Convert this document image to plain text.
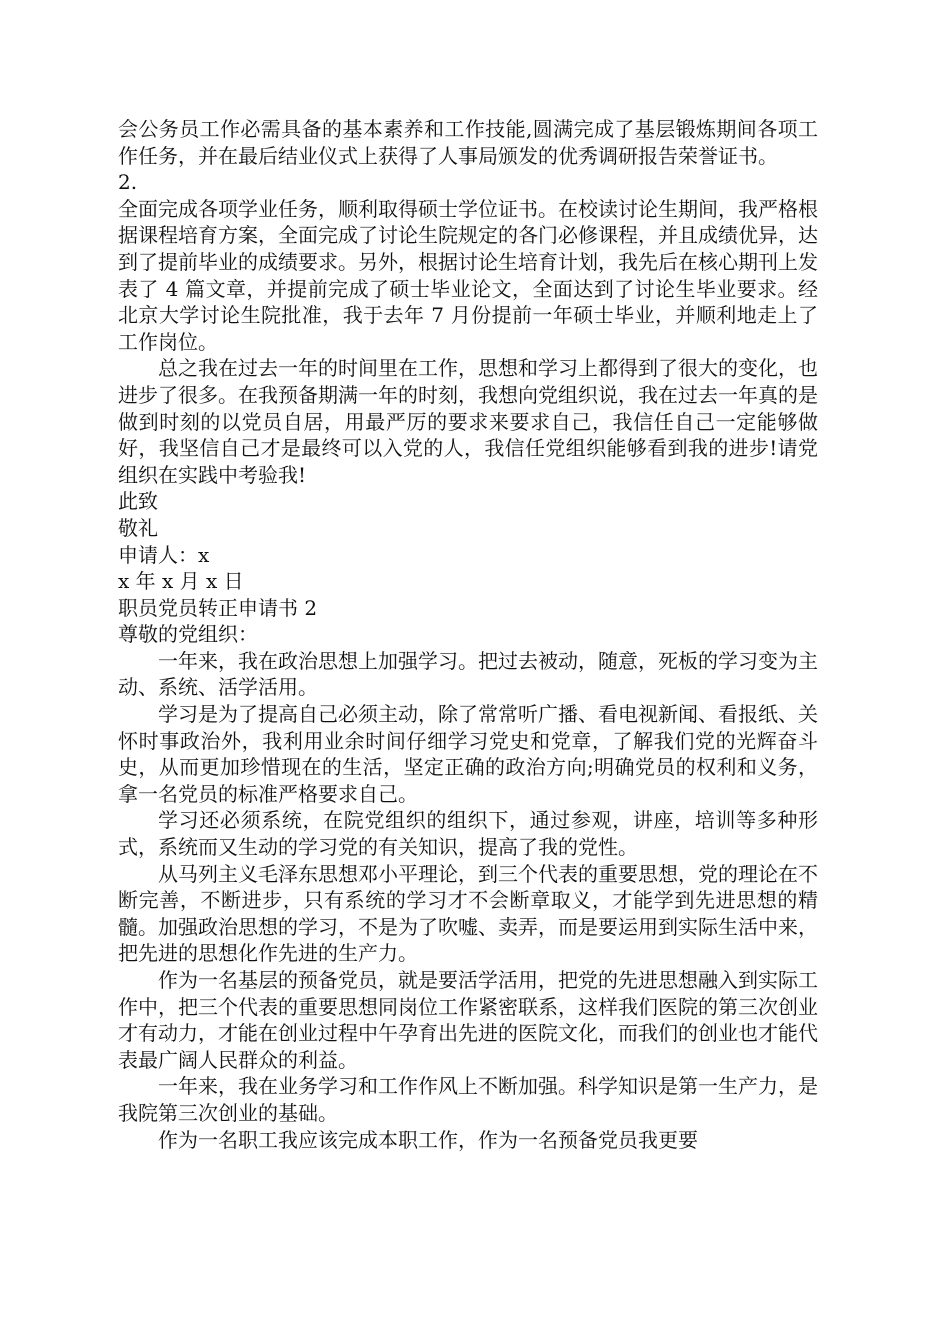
会公务员工作必需具备的基本素养和工作技能,圆满完成了基层锻炼期间各项工作任务，并在最后结业仪式上获得了人事局颁发的优秀调研报告荣誉证书。

2.

全面完成各项学业任务，顺利取得硕士学位证书。在校读讨论生期间，我严格根据课程培育方案，全面完成了讨论生院规定的各门必修课程，并且成绩优异，达到了提前毕业的成绩要求。另外，根据讨论生培育计划，我先后在核心期刊上发表了 4 篇文章，并提前完成了硕士毕业论文，全面达到了讨论生毕业要求。经北京大学讨论生院批准，我于去年 7 月份提前一年硕士毕业，并顺利地走上了工作岗位。

总之我在过去一年的时间里在工作，思想和学习上都得到了很大的变化，也进步了很多。在我预备期满一年的时刻，我想向党组织说，我在过去一年真的是做到时刻的以党员自居，用最严厉的要求来要求自己，我信任自己一定能够做好，我坚信自己才是最终可以入党的人，我信任党组织能够看到我的进步!请党组织在实践中考验我!

此致

敬礼

申请人：x

x 年 x 月 x 日

职员党员转正申请书 2

尊敬的党组织：

一年来，我在政治思想上加强学习。把过去被动，随意，死板的学习变为主动、系统、活学活用。

学习是为了提高自己必须主动，除了常常听广播、看电视新闻、看报纸、关怀时事政治外，我利用业余时间仔细学习党史和党章，了解我们党的光辉奋斗史，从而更加珍惜现在的生活，坚定正确的政治方向;明确党员的权利和义务，拿一名党员的标准严格要求自己。

学习还必须系统，在院党组织的组织下，通过参观，讲座，培训等多种形式，系统而又生动的学习党的有关知识，提高了我的党性。

从马列主义毛泽东思想邓小平理论，到三个代表的重要思想，党的理论在不断完善，不断进步，只有系统的学习才不会断章取义，才能学到先进思想的精髓。加强政治思想的学习，不是为了吹嘘、卖弄，而是要运用到实际生活中来，把先进的思想化作先进的生产力。

作为一名基层的预备党员，就是要活学活用，把党的先进思想融入到实际工作中，把三个代表的重要思想同岗位工作紧密联系，这样我们医院的第三次创业才有动力，才能在创业过程中午孕育出先进的医院文化，而我们的创业也才能代表最广阔人民群众的利益。

一年来，我在业务学习和工作作风上不断加强。科学知识是第一生产力，是我院第三次创业的基础。

作为一名职工我应该完成本职工作，作为一名预备党员我更要
